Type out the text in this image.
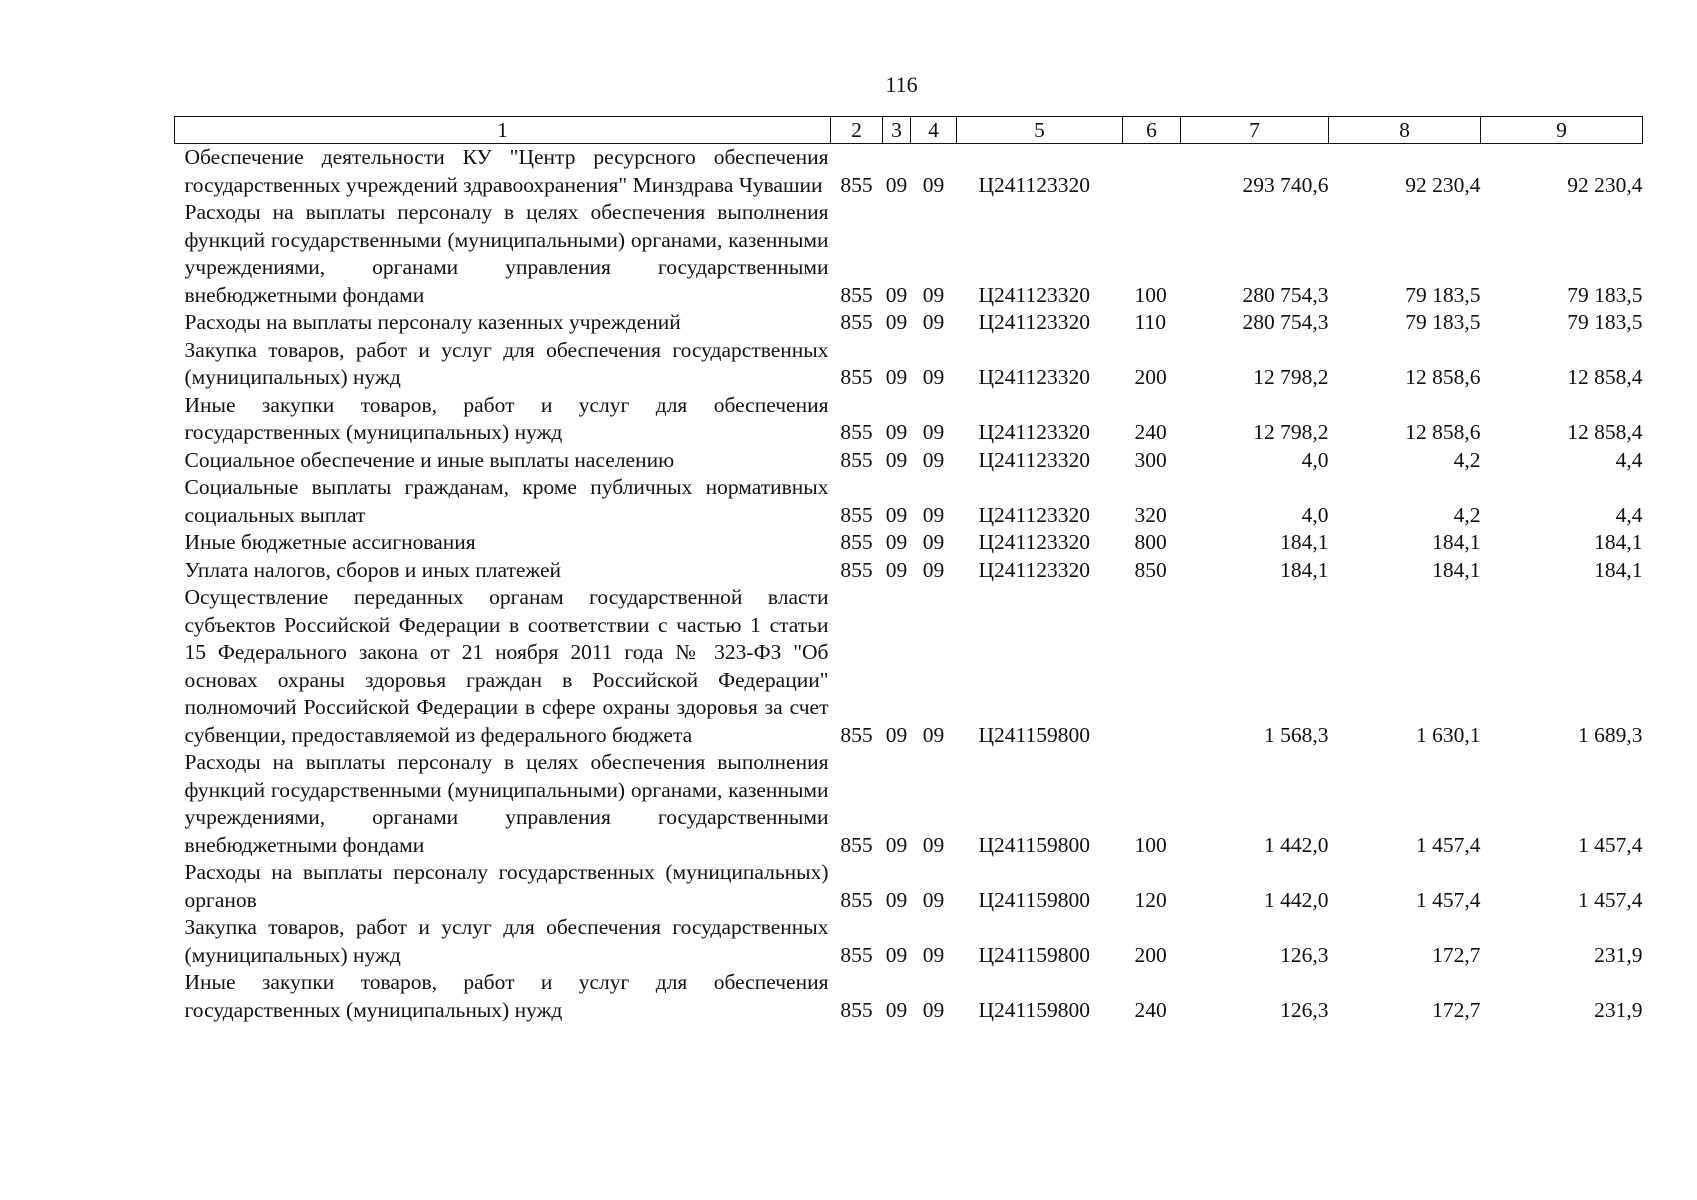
116
1	2	3	4	5	6	7	8	9
Обеспечение деятельности КУ "Центр ресурсного обеспечения государственных учреждений здравоохранения" Минздрава Чувашии	855	09	09	Ц241123320		293 740,6	92 230,4	92 230,4
Расходы на выплаты персоналу в целях обеспечения выполнения функций государственными (муниципальными) органами, казенными учреждениями, органами управления государственными внебюджетными фондами	855	09	09	Ц241123320	100	280 754,3	79 183,5	79 183,5
Расходы на выплаты персоналу казенных учреждений	855	09	09	Ц241123320	110	280 754,3	79 183,5	79 183,5
Закупка товаров, работ и услуг для обеспечения государственных (муниципальных) нужд	855	09	09	Ц241123320	200	12 798,2	12 858,6	12 858,4
Иные закупки товаров, работ и услуг для обеспечения государственных (муниципальных) нужд	855	09	09	Ц241123320	240	12 798,2	12 858,6	12 858,4
Социальное обеспечение и иные выплаты населению	855	09	09	Ц241123320	300	4,0	4,2	4,4
Социальные выплаты гражданам, кроме публичных нормативных социальных выплат	855	09	09	Ц241123320	320	4,0	4,2	4,4
Иные бюджетные ассигнования	855	09	09	Ц241123320	800	184,1	184,1	184,1
Уплата налогов, сборов и иных платежей	855	09	09	Ц241123320	850	184,1	184,1	184,1
Осуществление переданных органам государственной власти субъектов Российской Федерации в соответствии с частью 1 статьи 15 Федерального закона от 21 ноября 2011 года № 323-ФЗ "Об основах охраны здоровья граждан в Российской Федерации" полномочий Российской Федерации в сфере охраны здоровья за счет субвенции, предоставляемой из федерального бюджета	855	09	09	Ц241159800		1 568,3	1 630,1	1 689,3
Расходы на выплаты персоналу в целях обеспечения выполнения функций государственными (муниципальными) органами, казенными учреждениями, органами управления государственными внебюджетными фондами	855	09	09	Ц241159800	100	1 442,0	1 457,4	1 457,4
Расходы на выплаты персоналу государственных (муниципальных) органов	855	09	09	Ц241159800	120	1 442,0	1 457,4	1 457,4
Закупка товаров, работ и услуг для обеспечения государственных (муниципальных) нужд	855	09	09	Ц241159800	200	126,3	172,7	231,9
Иные закупки товаров, работ и услуг для обеспечения государственных (муниципальных) нужд	855	09	09	Ц241159800	240	126,3	172,7	231,9
